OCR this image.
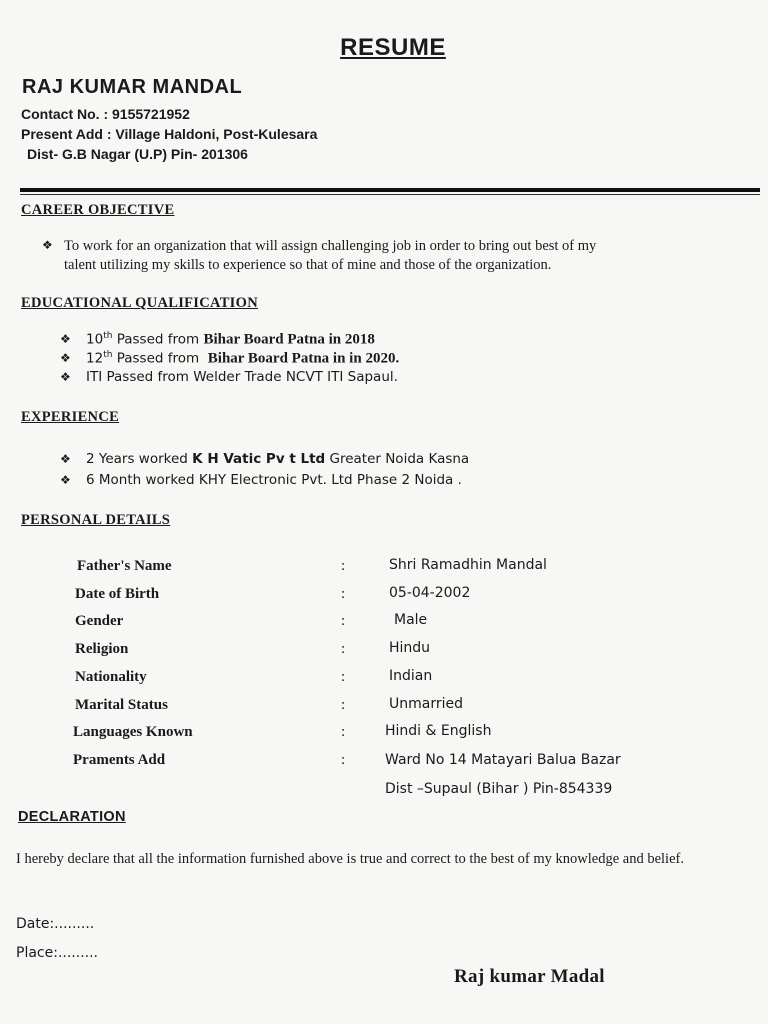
RESUME
RAJ KUMAR MANDAL
Contact No. : 9155721952
Present Add : Village Haldoni, Post-Kulesara
Dist- G.B Nagar (U.P) Pin- 201306
CAREER OBJECTIVE
❖ To work for an organization that will assign challenging job in order to bring out best of my
talent utilizing my skills to experience so that of mine and those of the organization.
EDUCATIONAL QUALIFICATION
❖	10th Passed from Bihar Board Patna in 2018
❖	12th Passed from  Bihar Board Patna in in 2020.
❖	ITI Passed from Welder Trade NCVT ITI Sapaul.
EXPERIENCE
❖	2 Years worked K H Vatic Pv t Ltd Greater Noida Kasna
❖	6 Month worked KHY Electronic Pvt. Ltd Phase 2 Noida .
PERSONAL DETAILS
Father's Name	:	Shri Ramadhin Mandal
Date of Birth	:	05-04-2002
Gender	:	Male
Religion	:	Hindu
Nationality	:	Indian
Marital Status	:	Unmarried
Languages Known	:	Hindi & English
Praments Add	:	Ward No 14 Matayari Balua Bazar
Dist –Supaul (Bihar ) Pin-854339
DECLARATION
I hereby declare that all the information furnished above is true and correct to the best of my knowledge and belief.
Date:.........
Place:.........
Raj kumar Madal
